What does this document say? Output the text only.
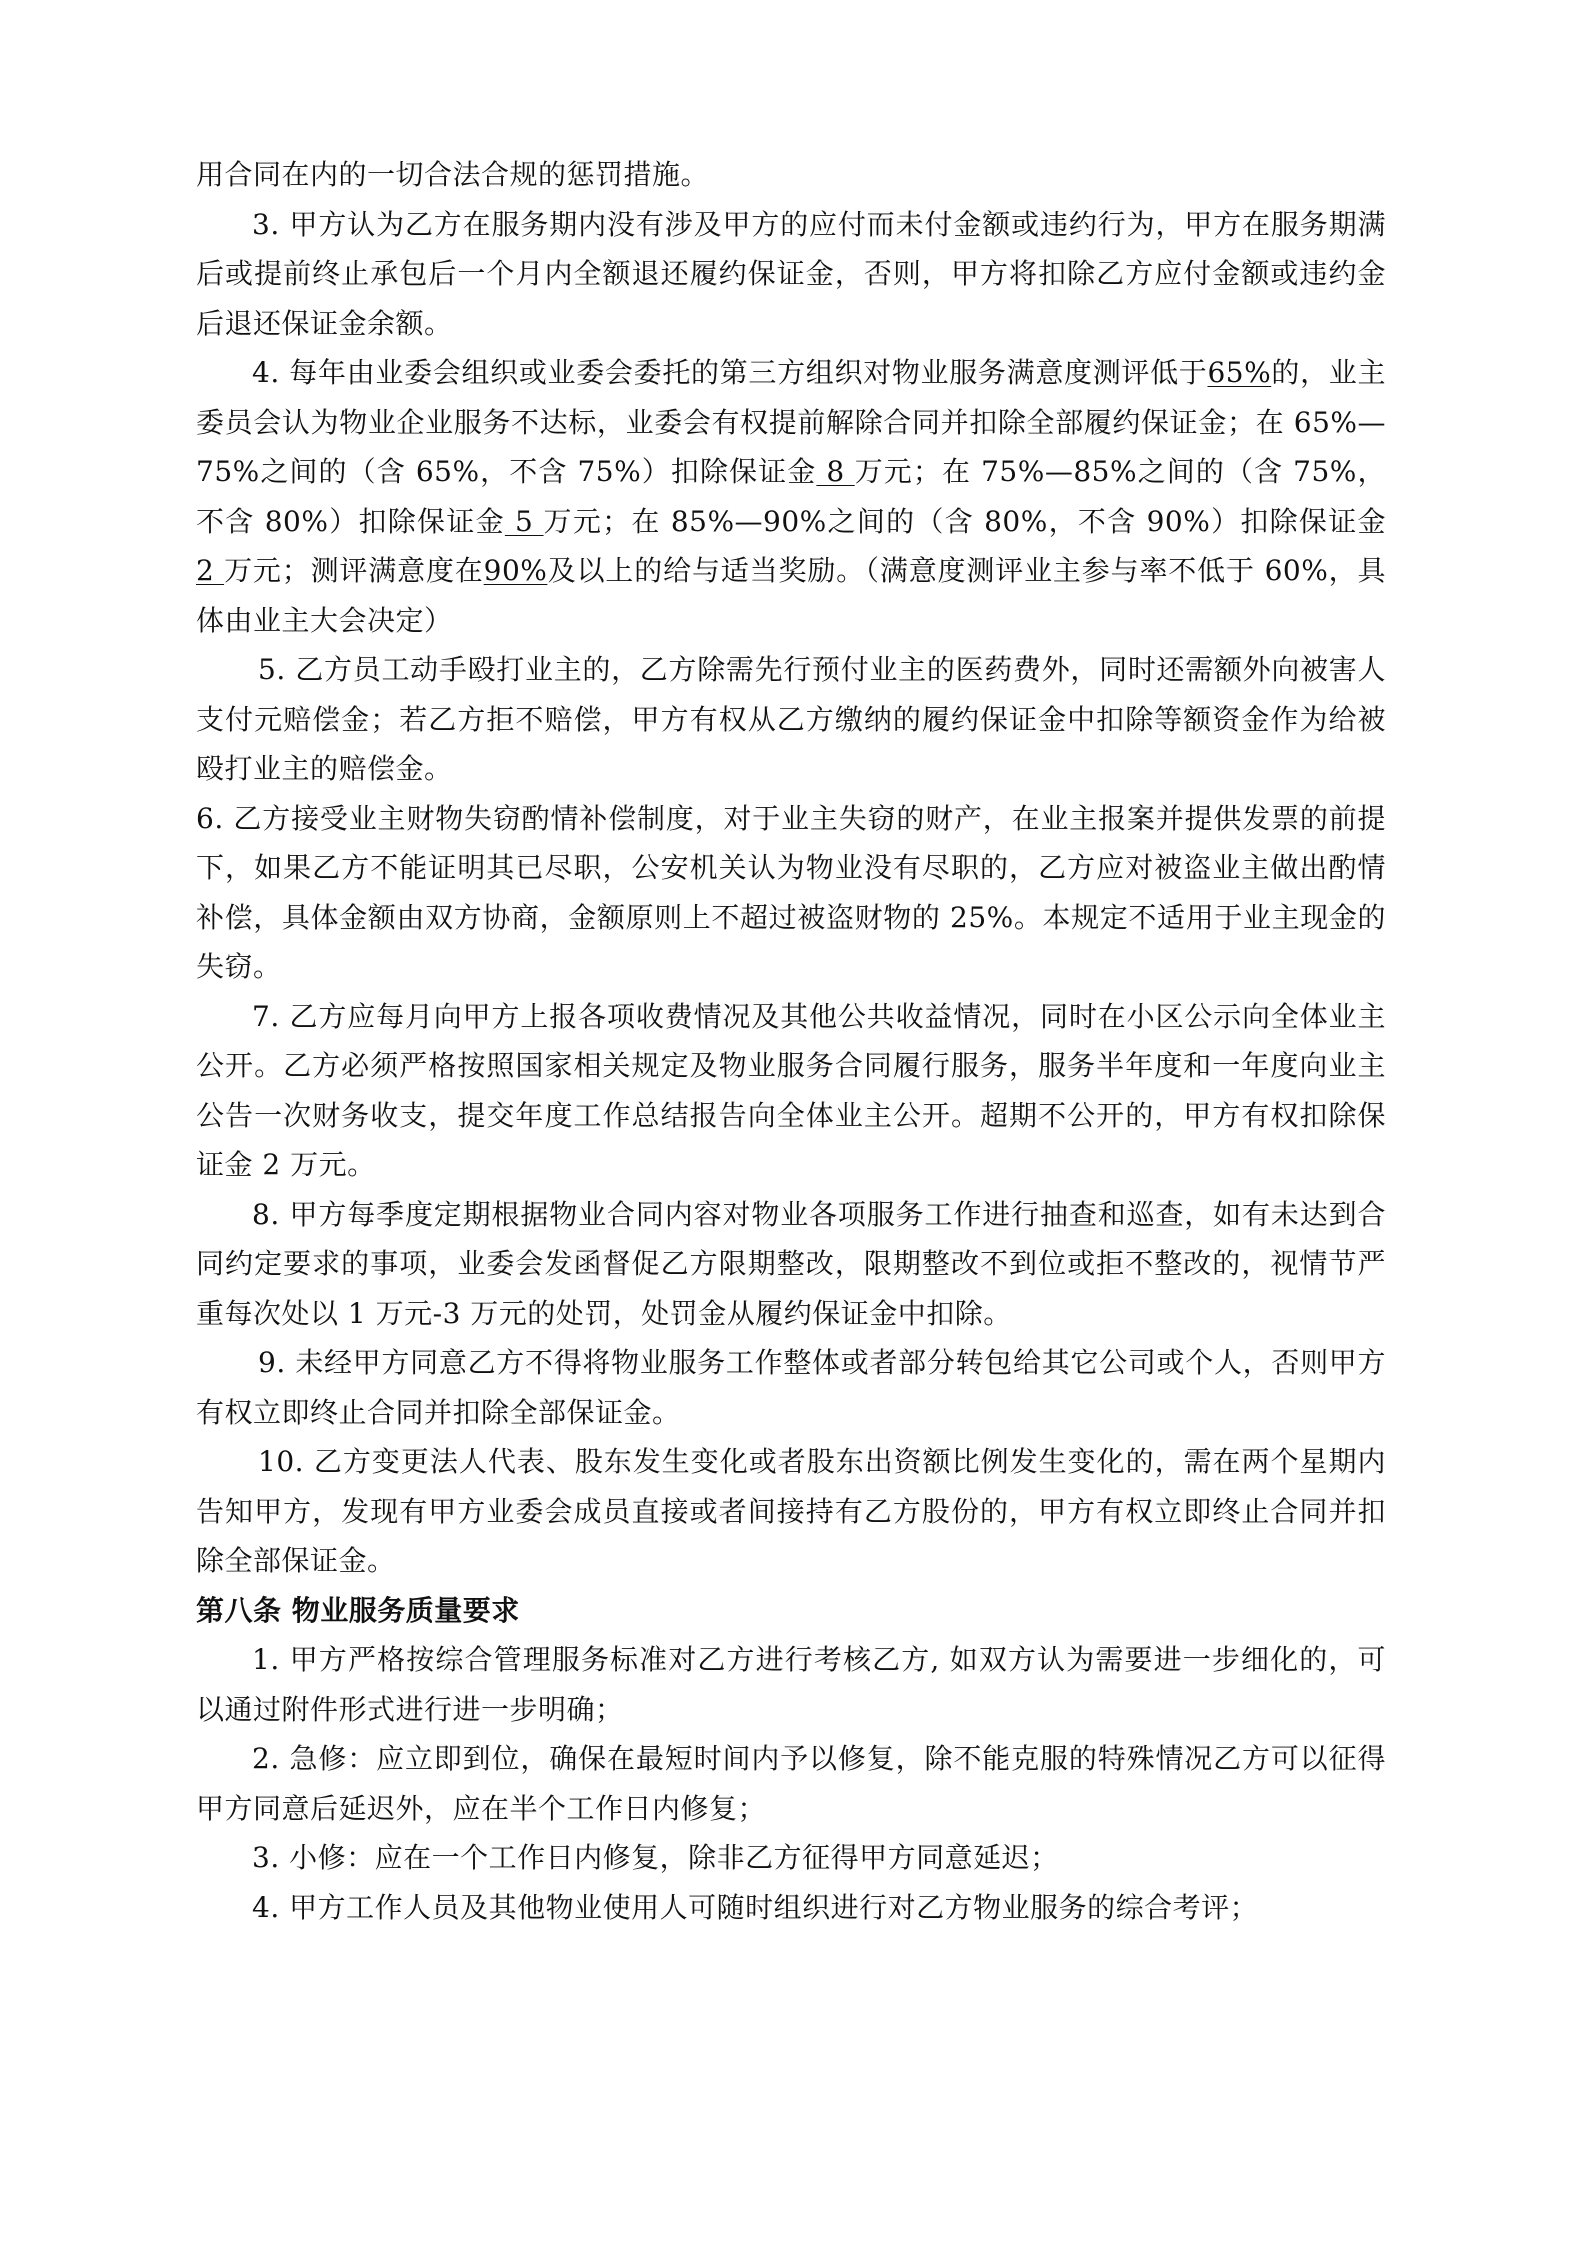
用合同在内的一切合法合规的惩罚措施。

3. 甲方认为乙方在服务期内没有涉及甲方的应付而未付金额或违约行为，甲方在服务期满后或提前终止承包后一个月内全额退还履约保证金，否则，甲方将扣除乙方应付金额或违约金后退还保证金余额。

4. 每年由业委会组织或业委会委托的第三方组织对物业服务满意度测评低于65%的，业主委员会认为物业企业服务不达标，业委会有权提前解除合同并扣除全部履约保证金；在 65%—75%之间的（含 65%，不含 75%）扣除保证金 8 万元；在 75%—85%之间的（含 75%，不含 80%）扣除保证金 5 万元；在 85%—90%之间的（含 80%，不含 90%）扣除保证金 2 万元；测评满意度在90%及以上的给与适当奖励。（满意度测评业主参与率不低于 60%，具体由业主大会决定）

5. 乙方员工动手殴打业主的，乙方除需先行预付业主的医药费外，同时还需额外向被害人支付元赔偿金；若乙方拒不赔偿，甲方有权从乙方缴纳的履约保证金中扣除等额资金作为给被殴打业主的赔偿金。

6. 乙方接受业主财物失窃酌情补偿制度，对于业主失窃的财产，在业主报案并提供发票的前提下，如果乙方不能证明其已尽职，公安机关认为物业没有尽职的，乙方应对被盗业主做出酌情补偿，具体金额由双方协商，金额原则上不超过被盗财物的 25%。本规定不适用于业主现金的失窃。

7. 乙方应每月向甲方上报各项收费情况及其他公共收益情况，同时在小区公示向全体业主公开。乙方必须严格按照国家相关规定及物业服务合同履行服务，服务半年度和一年度向业主公告一次财务收支，提交年度工作总结报告向全体业主公开。超期不公开的，甲方有权扣除保证金 2 万元。

8. 甲方每季度定期根据物业合同内容对物业各项服务工作进行抽查和巡查，如有未达到合同约定要求的事项，业委会发函督促乙方限期整改，限期整改不到位或拒不整改的，视情节严重每次处以 1 万元-3 万元的处罚，处罚金从履约保证金中扣除。

9. 未经甲方同意乙方不得将物业服务工作整体或者部分转包给其它公司或个人，否则甲方有权立即终止合同并扣除全部保证金。

10. 乙方变更法人代表、股东发生变化或者股东出资额比例发生变化的，需在两个星期内告知甲方，发现有甲方业委会成员直接或者间接持有乙方股份的，甲方有权立即终止合同并扣除全部保证金。

第八条 物业服务质量要求

1. 甲方严格按综合管理服务标准对乙方进行考核乙方, 如双方认为需要进一步细化的，可以通过附件形式进行进一步明确；

2. 急修：应立即到位，确保在最短时间内予以修复，除不能克服的特殊情况乙方可以征得甲方同意后延迟外，应在半个工作日内修复；

3. 小修：应在一个工作日内修复，除非乙方征得甲方同意延迟；

4. 甲方工作人员及其他物业使用人可随时组织进行对乙方物业服务的综合考评；
